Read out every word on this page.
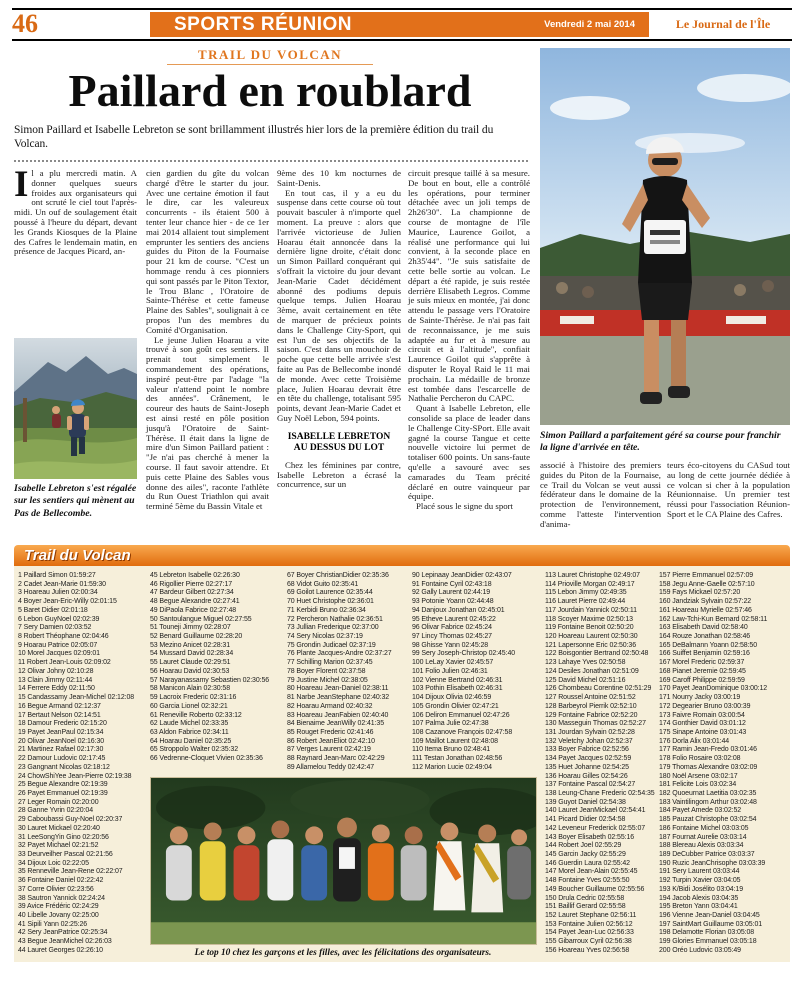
46	SPORTS RÉUNION	Vendredi 2 mai 2014	Le Journal de l'Île
TRAIL DU VOLCAN
Paillard en roublard
Simon Paillard et Isabelle Lebreton se sont brillamment illustrés hier lors de la première édition du trail du Volcan.

Il a plu mercredi matin. A donner quelques sueurs froides aux organisateurs qui ont scruté le ciel tout l'après-midi. Un ouf de soulagement était poussé à l'heure du départ, devant les Grands Kiosques de la Plaine des Cafres le lendemain matin, en présence de Jacques Picard, an-

cien gardien du gîte du volcan chargé d'être le starter du jour. Avec une certaine émotion il faut le dire, car les valeureux concurrents - ils étaient 500 à tenter leur chance hier - de ce 1er mai 2014 allaient tout simplement emprunter les sentiers des anciens guides du Piton de la Fournaise pour 21 km de course. "C'est un hommage rendu à ces pionniers qui sont passés par le Piton Textor, le Trou Blanc , l'Oratoire de Sainte-Thérèse et cette fameuse Plaine des Sables", soulignait à ce propos l'un des membres du Comité d'Organisation.

Le jeune Julien Hoarau a vite trouvé à son goût ces sentiers. Il prenait tout simplement le commandement des opérations, inspiré peut-être par l'adage "la valeur n'attend point le nombre des années". Crânement, le coureur des hauts de Saint-Joseph est ainsi resté en pôle position jusqu'à l'Oratoire de Saint-Thérèse. Il était dans la ligne de mire d'un Simon Paillard patient : "Je n'ai pas cherché à mener la course. Il faut savoir attendre. Et puis cette Plaine des Sables vous donne des ailes", raconte l'athlète du Run Ouest Triathlon qui avait terminé 5ème du Bassin Vitale et

9ème des 10 km nocturnes de Saint-Denis.

En tout cas, il y a eu du suspense dans cette course où tout pouvait basculer à n'importe quel moment. La preuve : alors que l'arrivée victorieuse de Julien Hoarau était annoncée dans la dernière ligne droite, c'était donc un Simon Paillard conquérant qui s'offrait la victoire du jour devant Jean-Marie Cadet décidément abonné des podiums depuis quelque temps. Julien Hoarau 3ème, avait certainement en tête de marquer de précieux points dans le Challenge City-Sport, qui est l'un de ses objectifs de la saison. C'est dans un mouchoir de poche que cette belle arrivée s'est faite au Pas de Bellecombe inondé de monde. Avec cette Troisième place, Julien Hoarau devrait être en tête du challenge, totalisant 595 points, devant Jean-Marie Cadet et Guy Noël Lebon, 594 points.

ISABELLE LEBRETON AU DESSUS DU LOT

Chez les féminines par contre, Isabelle Lebreton a écrasé la concurrence, sur un

circuit presque taillé à sa mesure. De bout en bout, elle a contrôlé les opérations, pour terminer détachée avec un joli temps de 2h26'30". La championne de course de montagne de l'île Maurice, Laurence Goilot, a réalisé une performance qui lui convient, à la seconde place en 2h35'44". "Je suis satisfaite de cette belle sortie au volcan. Le départ a été rapide, je suis restée derrière Elisabeth Legros. Comme je suis mieux en montée, j'ai donc attendu le passage vers l'Oratoire de Sainte-Thérèse. Je n'ai pas fait de reconnaissance, je me suis adaptée au fur et à mesure au circuit et à l'altitude", confiait Laurence Goilot qui s'apprête à disputer le Royal Raid le 11 mai prochain. La médaille de bronze est tombée dans l'escarcelle de Nathalie Percheron du CAPC.

Quant à Isabelle Lebreton, elle consolide sa place de leader dans le Challenge City-SPort. Elle avait gagné la course Tangue et cette nouvelle victoire lui permet de totaliser 600 points. Un sans-faute qu'elle a savouré avec ses camarades du Team précité déclaré en outre vainqueur par équipe.

Placé sous le signe du sport

associé à l'histoire des premiers guides du Piton de la Fournaise, ce Trail du Volcan se veut aussi fédérateur dans le domaine de la protection de l'environnement, comme l'atteste l'intervention d'anima-

teurs éco-citoyens du CASud tout au long de cette journée dédiée à ce volcan si cher à la population Réunionnaise. Un premier test réussi pour l'association Réunion-Sport et le CA Plaine des Cafres.

Isabelle Lebreton s'est régalée sur les sentiers qui mènent au Pas de Bellecombe.
Simon Paillard a parfaitement géré sa course pour franchir la ligne d'arrivée en tête.
Trail du Volcan
1 Paillard Simon 01:59:27
2 Cadet Jean-Marie 01:59:30
3 Hoareau Julien 02:00:34
4 Boyer Jean-Eric-Willy 02:01:15
5 Baret Didier 02:01:18
6 Lebon GuyNoel 02:02:39
7 Sery Damien 02:03:52
8 Robert Théophane 02:04:46
9 Hoarau Patrice 02:05:07
10 Morel Jacques 02:09:01
11 Robert Jean-Louis 02:09:02
12 Olivar Johny 02:10:28
13 Clain Jimmy 02:11:44
14 Ferrere Eddy 02:11:50
15 Candassamy Jean-Michel 02:12:08
16 Begue Armand 02:12:37
17 Bertaut Nelson 02:14:51
18 Damour Frederic 02:15:20
19 Payet JeanPaul 02:15:34
20 Olivar JeanNoel 02:16:30
21 Martinez Rafael 02:17:30
22 Damour Ludovic 02:17:45
23 Gangnant Nicolas 02:18:12
24 ChowShiYee Jean-Pierre 02:19:38
25 Begue Alexandre 02:19:39
26 Payet Emmanuel 02:19:39
27 Leger Romain 02:20:00
28 Ganne Yvrin 02:20:04
29 Caboubassi Guy-Noel 02:20:37
30 Lauret Mickael 02:20:40
31 LeeSongYin Gino 02:20:56
32 Payet Michael 02:21:52
33 Deurveilher Pascal 02:21:56
34 Dijoux Loic 02:22:05
35 Renneville Jean-Rene 02:22:07
36 Fontaine Daniel 02:22:42
37 Corre Olivier 02:23:56
38 Sautron Yannick 02:24:24
39 Avice Frédéric 02:24:29
40 Libelle Jovany 02:25:00
41 Sipili Yann 02:25:26
42 Sery JeanPatrice 02:25:34
43 Begue JeanMichel 02:26:03
44 Lauret Georges 02:26:10
45 Lebreton Isabelle 02:26:30
46 Rigollier Pierre 02:27:17
47 Bardeur Gilbert 02:27:34
48 Begue Alexandre 02:27:41
49 DiPaola Fabrice 02:27:48
50 Santoulangue Miguel 02:27:55
51 Touneji Jimmy 02:28:07
52 Benard Guillaume 02:28:20
53 Mezino Anicet 02:28:31
54 Mussard David 02:28:34
55 Lauret Claude 02:29:51
56 Hoarau David 02:30:53
57 Narayanassamy Sebastien 02:30:56
58 Manicon Alain 02:30:58
59 Lacroix Frederic 02:31:16
60 Garcia Lionel 02:32:21
61 Reneville Roberto 02:33:12
62 Laude Michel 02:33:35
63 Aldon Fabrice 02:34:11
64 Hoarau Daniel 02:35:25
65 Stroppolo Walter 02:35:32
66 Vedrenne-Cloquet Vivien 02:35:36
67 Boyer ChristianDidier 02:35:36
68 Vidot Guito 02:35:41
69 Goilot Laurence 02:35:44
70 Huet Christophe 02:36:01
71 Kerbidi Bruno 02:36:34
72 Percheron Nathalie 02:36:51
73 Jullian Frederique 02:37:00
74 Sery Nicolas 02:37:19
75 Grondin Judicael 02:37:19
76 Plante Jacques-Andre 02:37:27
77 Schilling Marion 02:37:45
78 Boyer Florent 02:37:58
79 Justine Michel 02:38:05
80 Hoareau Jean-Daniel 02:38:11
81 Narbe JeanStephane 02:40:32
82 Hoarau Armand 02:40:32
83 Hoareau JeanFabien 02:40:40
84 Bienaime JeanWilly 02:41:35
85 Rouget Frederic 02:41:46
86 Robert JeanEliot 02:42:10
87 Verges Laurent 02:42:19
88 Raynard Jean-Marc 02:42:29
89 Allamelou Teddy 02:42:47
90 Lepinaay JeanDidier 02:43:07
91 Fontaine Cyril 02:43:18
92 Gally Laurent 02:44:19
93 Potonie Yoann 02:44:48
94 Danjoux Jonathan 02:45:01
95 Etheve Laurent 02:45:22
96 Olivar Fabrice 02:45:24
97 Lincy Thomas 02:45:27
98 Ghisse Yann 02:45:28
99 Sery Joseph-Christop 02:45:40
100 LeLay Xavier 02:45:57
101 Folio Julien 02:46:31
102 Vienne Bertrand 02:46:31
103 Pothin Elisabeth 02:46:31
104 Dijoux Olivia 02:46:59
105 Grondin Olivier 02:47:21
106 Deliron Emmanuel 02:47:26
107 Palma Julie 02:47:38
108 Cazanove François 02:47:58
109 Maillot Laurent 02:48:08
110 Itema Bruno 02:48:41
111 Testan Jonathan 02:48:56
112 Marion Lucie 02:49:04
113 Lauret Christophe 02:49:07
114 Prioville Morgan 02:49:17
115 Lebon Jimmy 02:49:35
116 Lauret Pierre 02:49:44
117 Jourdain Yannick 02:50:11
118 Scoyer Maxime 02:50:13
119 Fontaine Benoit 02:50:20
120 Hoareau Laurent 02:50:30
121 Lapersonne Eric 02:50:36
122 Boisgontier Bertrand 02:50:48
123 Lahaye Yves 02:50:58
124 Desiles Jonathan 02:51:09
125 David Michel 02:51:16
126 Chombeau Corentine 02:51:29
127 Roussel Antoine 02:51:52
128 Barbeyrol Pierrik 02:52:10
129 Fontaine Fabrice 02:52:20
130 Masseguin Thomas 02:52:27
131 Jourdan Sylvain 02:52:28
132 Veletchy Johan 02:52:37
133 Boyer Fabrice 02:52:56
134 Payet Jacques 02:52:59
135 Huet Johanne 02:54:25
136 Hoarau Gilles 02:54:26
137 Fontaine Pascal 02:54:27
138 Leung-Chane Frederic 02:54:35
139 Guyot Daniel 02:54:38
140 Lauret JeanMickael 02:54:41
141 Picard Didier 02:54:58
142 Leveneur Frederick 02:55:07
143 Boyer Elisabeth 02:55:16
144 Robert Joel 02:55:29
145 Garcin Jacky 02:55:29
146 Guerdin Laura 02:55:42
147 Morel Jean-Alain 02:55:45
148 Fontaine Yves 02:55:50
149 Boucher Guillaume 02:55:56
150 Drula Cedric 02:55:58
151 Baillif Gerard 02:55:58
152 Lauret Stephane 02:56:11
153 Fontaine Julien 02:56:12
154 Payet Jean-Luc 02:56:33
155 Gibarroux Cyril 02:56:38
156 Hoareau Yves 02:56:58
157 Pierre Emmanuel 02:57:09
158 Jegu Anne-Gaelle 02:57:10
159 Fays Mickael 02:57:20
160 Jandziak Sylvain 02:57:22
161 Hoareau Myrielle 02:57:46
162 Law-Tchi-Kun Bernard 02:58:11
163 Elisabeth David 02:58:40
164 Rouze Jonathan 02:58:46
165 DeBalmann Yoann 02:58:50
166 Suiffet Benjamin 02:59:16
167 Morel Frederic 02:59:37
168 Pianet Jeremie 02:59:45
169 Caroff Philippe 02:59:59
170 Payet JeanDominique 03:00:12
171 Nourry Jacky 03:00:19
172 Degearier Bruno 03:00:39
173 Faivre Romain 03:00:54
174 Gonthier David 03:01:12
175 Sinape Antoine 03:01:43
176 Dorla Alix 03:01:44
177 Ramin Jean-Fredo 03:01:46
178 Folio Rosaire 03:02:08
179 Thomas Alexandre 03:02:09
180 Noël Arsene 03:02:17
181 Felicite Lois 03:02:34
182 Quoeurnat Laetitia 03:02:35
183 Vaintilingom Arthur 03:02:48
184 Payet Amede 03:02:52
185 Pauzat Christophe 03:02:54
186 Fontaine Michel 03:03:05
187 Fournat Aurelie 03:03:14
188 Blereau Alexis 03:03:34
189 DeCubber Patrice 03:03:37
190 Ruzic JeanChrisophe 03:03:39
191 Sery Laurent 03:03:44
192 Turpin Xavier 03:04:05
193 K/Bidi Josélito 03:04:19
194 Jacob Alexis 03:04:35
195 Breton Yann 03:04:41
196 Vienne Jean-Daniel 03:04:45
197 SaintMart Guillaume 03:05:01
198 Delamotte Florian 03:05:08
199 Glories Emmanuel 03:05:18
200 Oréo Ludovic 03:05:49
Le top 10 chez les garçons et les filles, avec les félicitations des organisateurs.
